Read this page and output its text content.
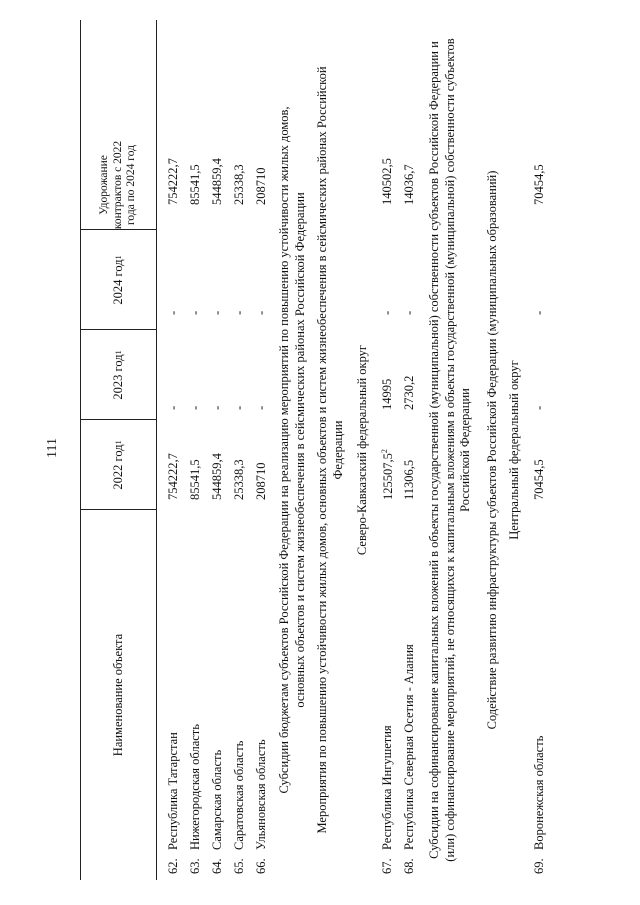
111
Наименование объекта
2022 год
1
2023 год
1
2024 год
1
Удорожание контрактов с 2022 года по 2024 год
62.
Республика Татарстан
754222,7
-
-
754222,7
63.
Нижегородская область
85541,5
-
-
85541,5
64.
Самарская область
544859,4
-
-
544859,4
65.
Саратовская область
25338,3
-
-
25338,3
66.
Ульяновская область
208710
-
-
208710 Субсидии бюджетам субъектов Российской Федерации на реализацию мероприятий по повышению устойчивости жилых домов, основных объектов и систем жизнеобеспечения в сейсмических районах Российской Федерации Мероприятия по повышению устойчивости жилых домов, основных объектов и систем жизнеобеспечения в сейсмических районах Российской Федерации Северо-Кавказский федеральный округ
67.
Республика Ингушетия
125507,5$^2$
14995
-
140502,5
68.
Республика Северная Осетия - Алания
11306,5
2730,2
-
14036,7 Субсидии на софинансирование капитальных вложений в объекты государственной (муниципальной) собственности субъектов Российской Федерации и (или) софинансирование мероприятий, не относящихся к капитальным вложениям в объекты государственной (муниципальной) собственности субъектов Российской Федерации Содействие развитию инфраструктуры субъектов Российской Федерации (муниципальных образований) Центральный федеральный округ
69.
Воронежская область
70454,5
-
-
70454,5
